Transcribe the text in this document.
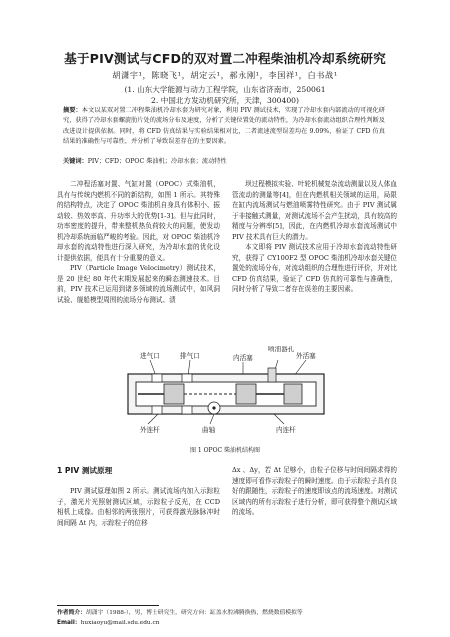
基于PIV测试与CFD的双对置二冲程柴油机冷却系统研究
胡潇宇¹，陈晓飞¹，胡定云¹，郝永刚¹，李国祥¹，白书战¹
(1. 山东大学能源与动力工程学院，山东省济南市，250061
2. 中国北方发动机研究所，天津，300400)
摘要：本文以某双对置二冲程柴油机冷却水套为研究对象，利用 PIV 测试技术，实现了冷却水套内部流动的可视化研究，获得了冷却水套螺旋肋片处的流场分布及速度，分析了关键位置处的流动特性，为冷却水套流动组织合理性判断及改进设计提供依据。同时，将 CFD 仿真结果与实验结果相对比，二者流速流型误差均在 9.09%，验证了 CFD 仿真结果的准确性与可靠性，并分析了导致误差存在的主要因素。
关键词：PIV；CFD；OPOC 柴油机；冷却水套；流动特性

二冲程活塞对置、气缸对置（OPOC）式柴油机，具有与传统内燃机不同的新结构，如图 1 所示。其特殊的结构特点，决定了 OPOC 柴油机自身具有体积小、振动较、热效率高、升功率大的优势[1-3]。但与此同时，功率密度的提升，带来整机热负荷较大的问题，使发动机冷却系统面临严峻的考验。因此，对 OPOC 柴油机冷却水套的流动特性进行深入研究，为冷却水套的优化设计提供依据，便具有十分重要的意义。

PIV（Particle Image Velocimetry）测试技术，是 20 世纪 80 年代末期发展起来的瞬态测速技术。目前，PIV 技术已运用到诸多领域的流场测试中，如风洞试验、舰船模型周围的流场分布测试、渍

坝过程模拟实验、叶轮机械复杂流动测量以及人体血管流动的测量等[4]，但在内燃机相关领域的运用，局限在缸内流场测试与燃油喷雾特性研究。由于 PIV 测试属于非接触式测量，对测试流场不会产生扰动，具有较高的精度与分辨率[5]，因此，在内燃机冷却水套流场测试中 PIV 技术具有巨大的潜力。

本文即将 PIV 测试技术应用于冷却水套流动特性研究，获得了 CY100F2 型 OPOC 柴油机冷却水套关键位置处的流场分布，对流动组织的合理性进行评价，并对比 CFD 仿真结果，验证了 CFD 仿真的可靠性与准确性，同时分析了导致二者存在误差的主要因素。

进气口	排气口	内活塞
喷油器孔
外活塞
外连杆	曲轴	内连杆
图 1 OPOC 柴油机结构图
1 PIV 测试原理

PIV 测试原理如图 2 所示。测试流场内加入示踪粒子，激光片光照射测试区域，示踪粒子反光，在 CCD 相机上成像。由相邻的两张照片，可获得激光脉脉冲时间间隔 Δt 内，示踪粒子的位移

Δx 、Δy，若 Δt 足够小，由粒子位移与时间间隔求得的速度即可看作示踪粒子的瞬时速度。由于示踪粒子具有良好的跟随性，示踪粒子的速度即该点的流场速度。对测试区域内的所有示踪粒子进行分析，即可获得整个测试区域的流场。

作者简介：胡潇宇（1988-），男，博士研究生，研究方向：缸盖水腔沸腾换热，燃烧数值模拟等
Email：huxiaoyu@mail.sdu.edu.cn
